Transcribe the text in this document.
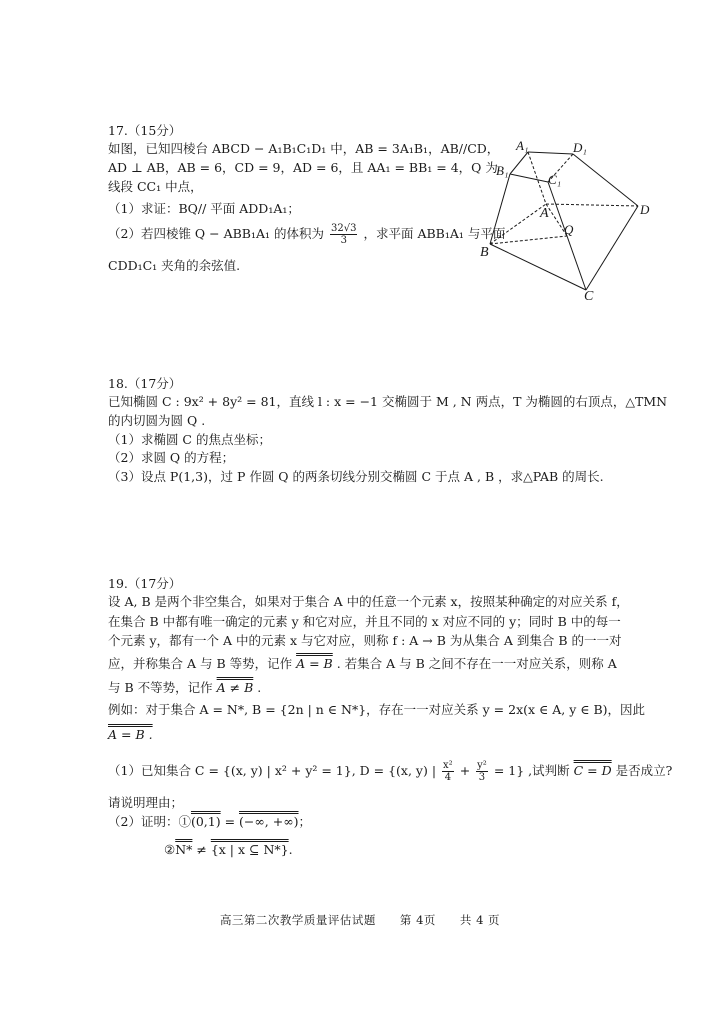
17.（15分）
如图，已知四棱台 ABCD − A₁B₁C₁D₁ 中，AB = 3A₁B₁，AB//CD，
AD ⊥ AB，AB = 6，CD = 9，AD = 6，且 AA₁ = BB₁ = 4，Q 为
线段 CC₁ 中点，
（1）求证：BQ// 平面 ADD₁A₁；
（2）若四棱锥 Q − ABB₁A₁ 的体积为 $\frac{32√3}{3}$ ，求平面 ABB₁A₁ 与平面
CDD₁C₁ 夹角的余弦值.
A₁	D₁
B₁
C₁
A	D
Q
B
C
18.（17分）
已知椭圆 C : 9x² + 8y² = 81，直线 l : x = −1 交椭圆于 M , N 两点，T 为椭圆的右顶点，△TMN
的内切圆为圆 Q .
（1）求椭圆 C 的焦点坐标；
（2）求圆 Q 的方程；
（3）设点 P(1,3)，过 P 作圆 Q 的两条切线分别交椭圆 C 于点 A , B ，求△PAB 的周长.
19.（17分）
设 A, B 是两个非空集合，如果对于集合 A 中的任意一个元素 x，按照某种确定的对应关系 f，
在集合 B 中都有唯一确定的元素 y 和它对应，并且不同的 x 对应不同的 y；同时 B 中的每一
个元素 y，都有一个 A 中的元素 x 与它对应，则称 f : A → B 为从集合 A 到集合 B 的一一对
应，并称集合 A 与 B 等势，记作 A = B . 若集合 A 与 B 之间不存在一一对应关系，则称 A
与 B 不等势，记作 A ≠ B .
例如：对于集合 A = N*, B = {2n | n ∈ N*}，存在一一对应关系 y = 2x(x ∈ A, y ∈ B)，因此
A = B .
（1）已知集合 C = {(x, y) | x² + y² = 1}, D = {(x, y) | $\frac{\text{x²}}{4} + \frac{\text{y²}}{3} = 1$} ,试判断 C = D 是否成立?
请说明理由；
（2）证明：①(0,1) = (−∞, +∞)；
②N* ≠ {x | x ⊆ N*}.
高三第二次教学质量评估试题　　第 4页　　共 4 页
